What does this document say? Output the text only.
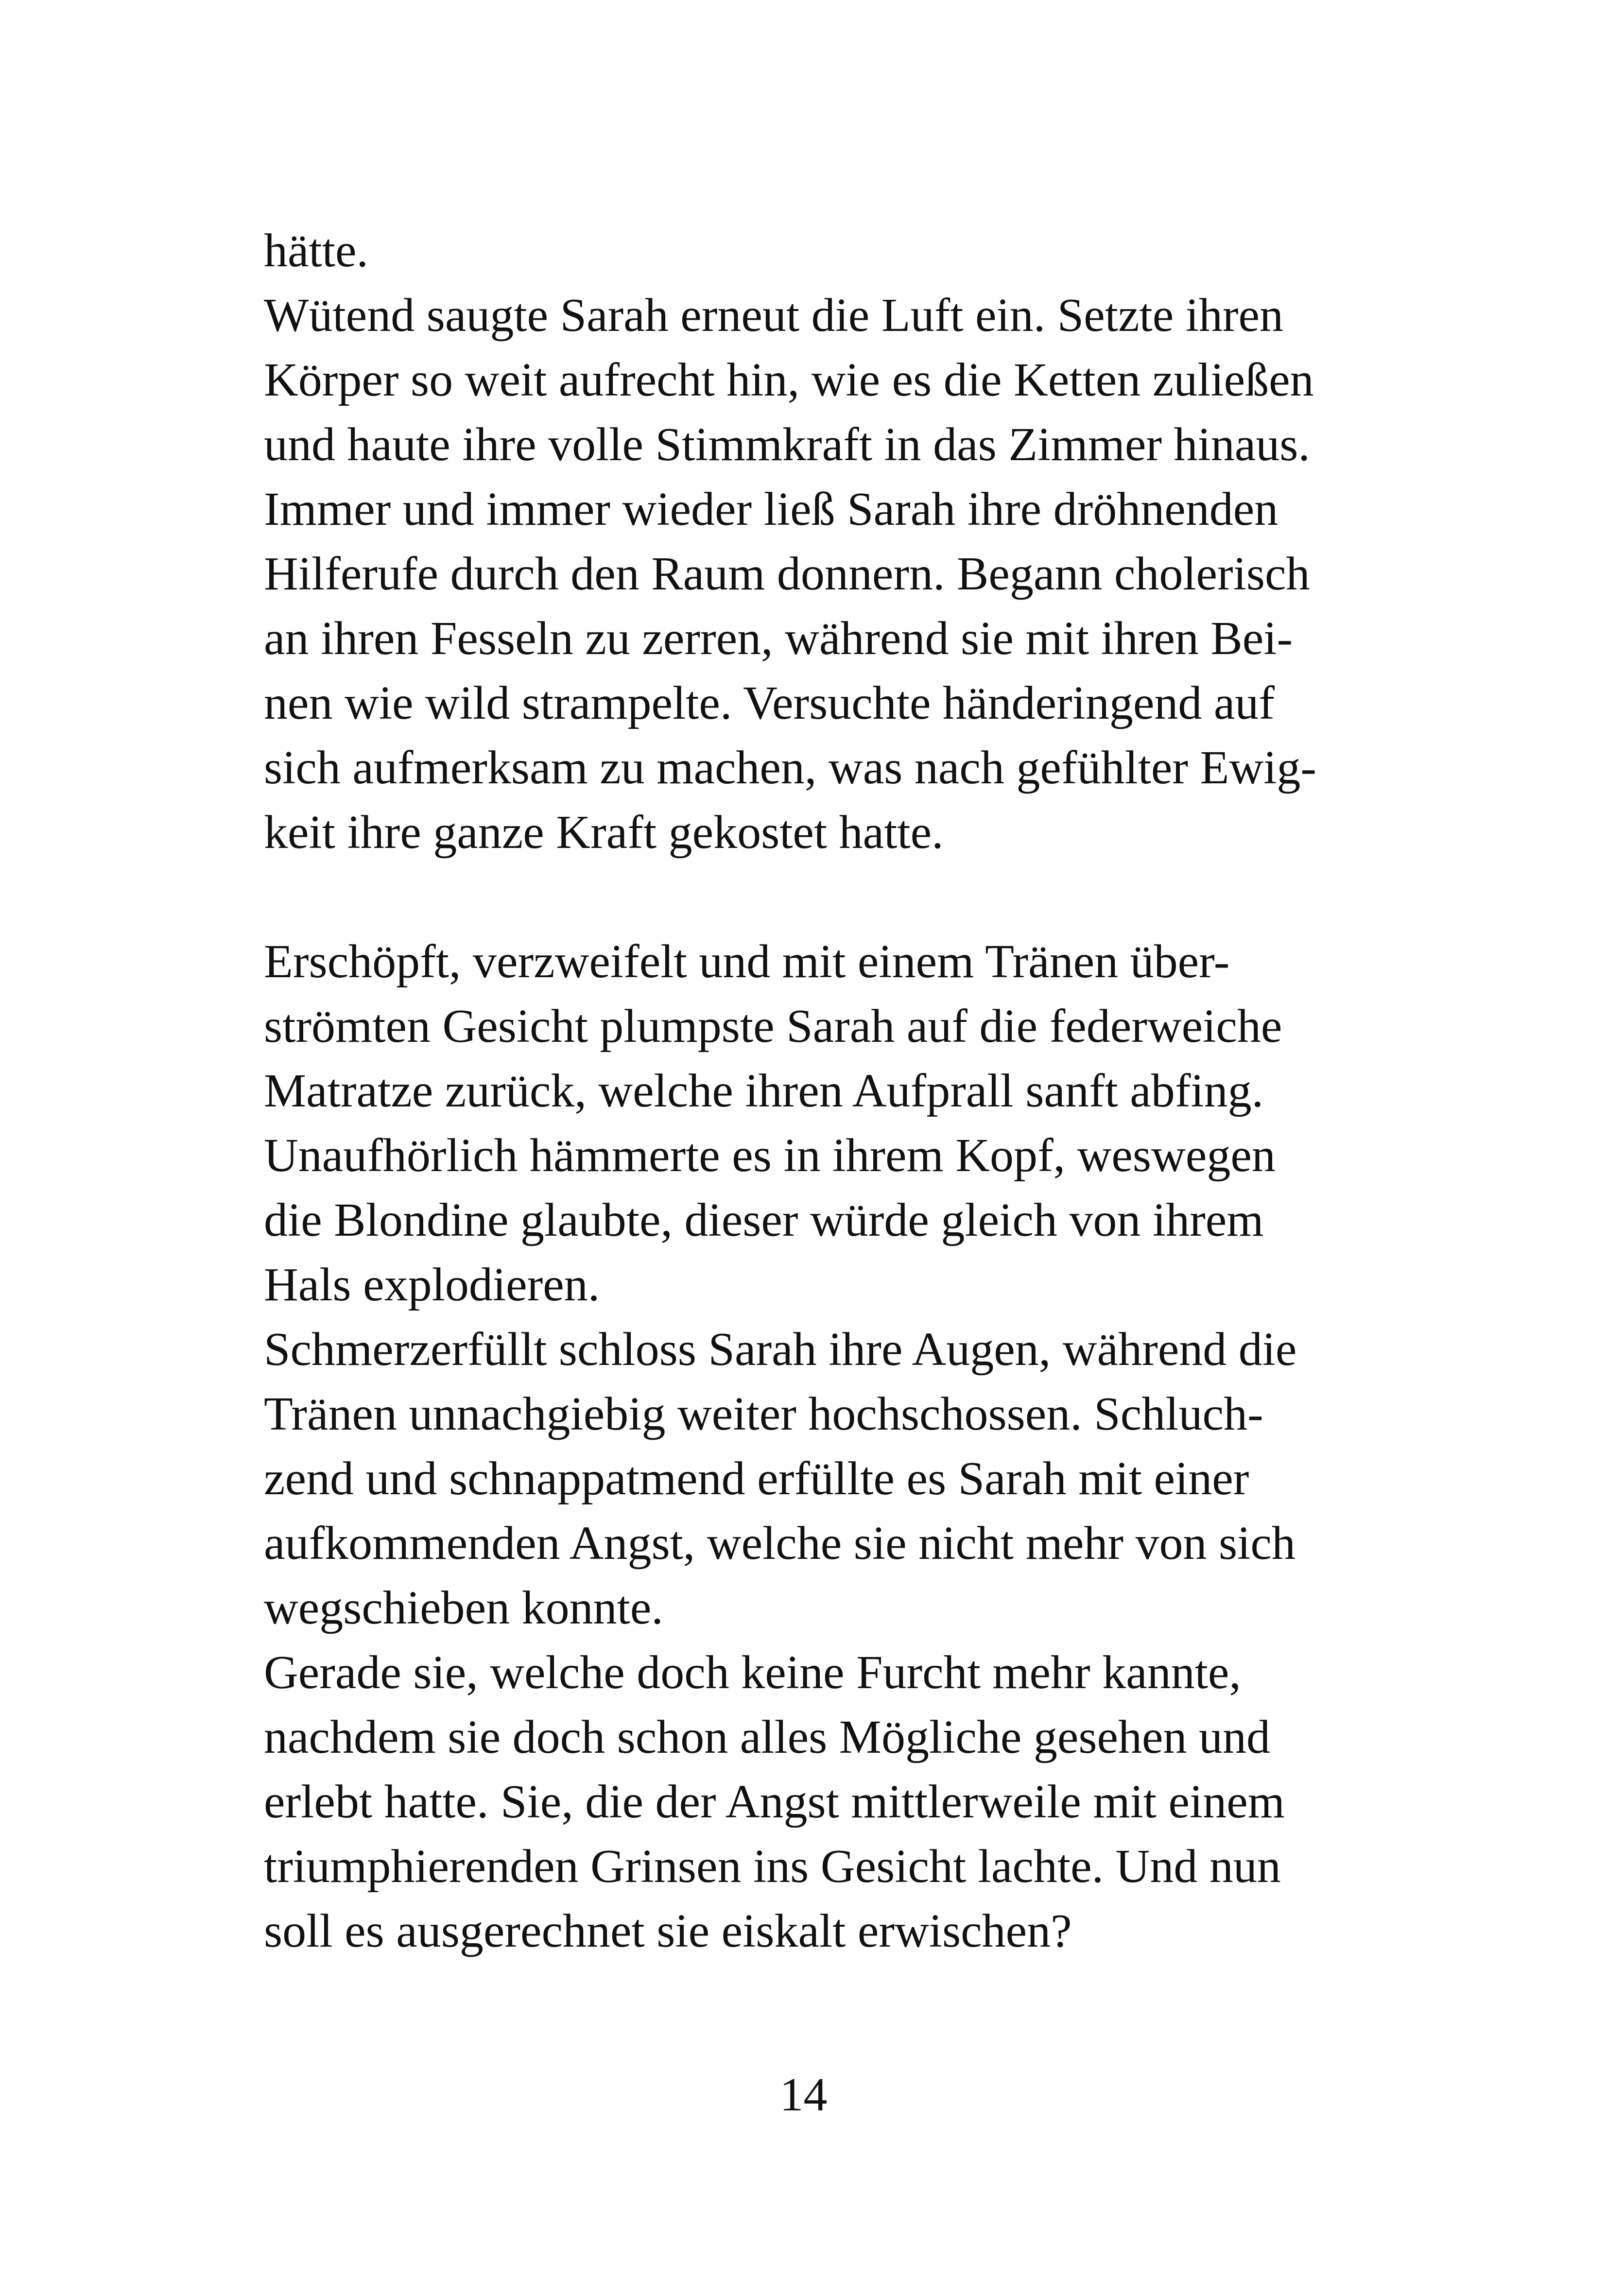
hätte.
Wütend saugte Sarah erneut die Luft ein. Setzte ihren
Körper so weit aufrecht hin, wie es die Ketten zuließen
und haute ihre volle Stimmkraft in das Zimmer hinaus.
Immer und immer wieder ließ Sarah ihre dröhnenden
Hilferufe durch den Raum donnern. Begann cholerisch
an ihren Fesseln zu zerren, während sie mit ihren Bei-
nen wie wild strampelte. Versuchte händeringend auf
sich aufmerksam zu machen, was nach gefühlter Ewig-
keit ihre ganze Kraft gekostet hatte.
Erschöpft, verzweifelt und mit einem Tränen über-
strömten Gesicht plumpste Sarah auf die federweiche
Matratze zurück, welche ihren Aufprall sanft abfing.
Unaufhörlich hämmerte es in ihrem Kopf, weswegen
die Blondine glaubte, dieser würde gleich von ihrem
Hals explodieren.
Schmerzerfüllt schloss Sarah ihre Augen, während die
Tränen unnachgiebig weiter hochschossen. Schluch-
zend und schnappatmend erfüllte es Sarah mit einer
aufkommenden Angst, welche sie nicht mehr von sich
wegschieben konnte.
Gerade sie, welche doch keine Furcht mehr kannte,
nachdem sie doch schon alles Mögliche gesehen und
erlebt hatte. Sie, die der Angst mittlerweile mit einem
triumphierenden Grinsen ins Gesicht lachte. Und nun
soll es ausgerechnet sie eiskalt erwischen?
14
